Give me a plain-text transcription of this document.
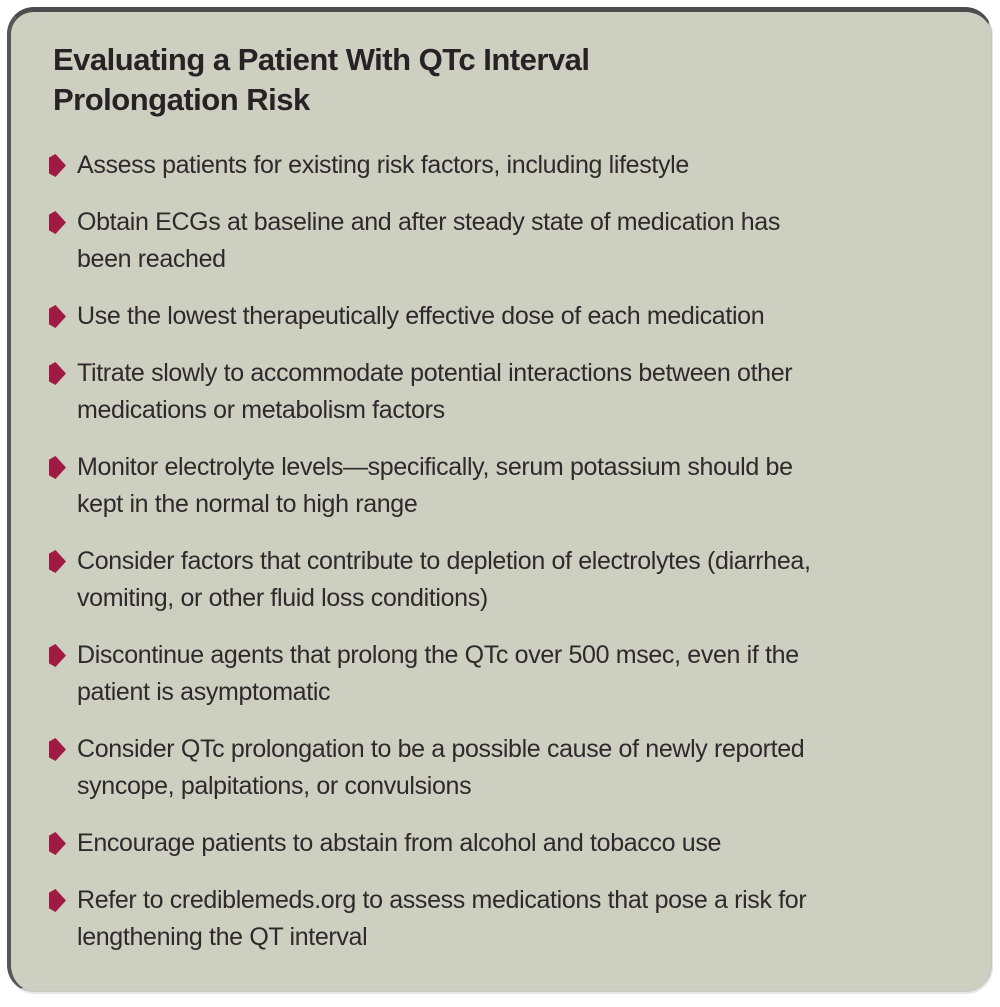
Evaluating a Patient With QTc Interval
Prolongation Risk
Assess patients for existing risk factors, including lifestyle
Obtain ECGs at baseline and after steady state of medication has
been reached
Use the lowest therapeutically effective dose of each medication
Titrate slowly to accommodate potential interactions between other
medications or metabolism factors
Monitor electrolyte levels—specifically, serum potassium should be
kept in the normal to high range
Consider factors that contribute to depletion of electrolytes (diarrhea,
vomiting, or other fluid loss conditions)
Discontinue agents that prolong the QTc over 500 msec, even if the
patient is asymptomatic
Consider QTc prolongation to be a possible cause of newly reported
syncope, palpitations, or convulsions
Encourage patients to abstain from alcohol and tobacco use
Refer to crediblemeds.org to assess medications that pose a risk for
lengthening the QT interval
